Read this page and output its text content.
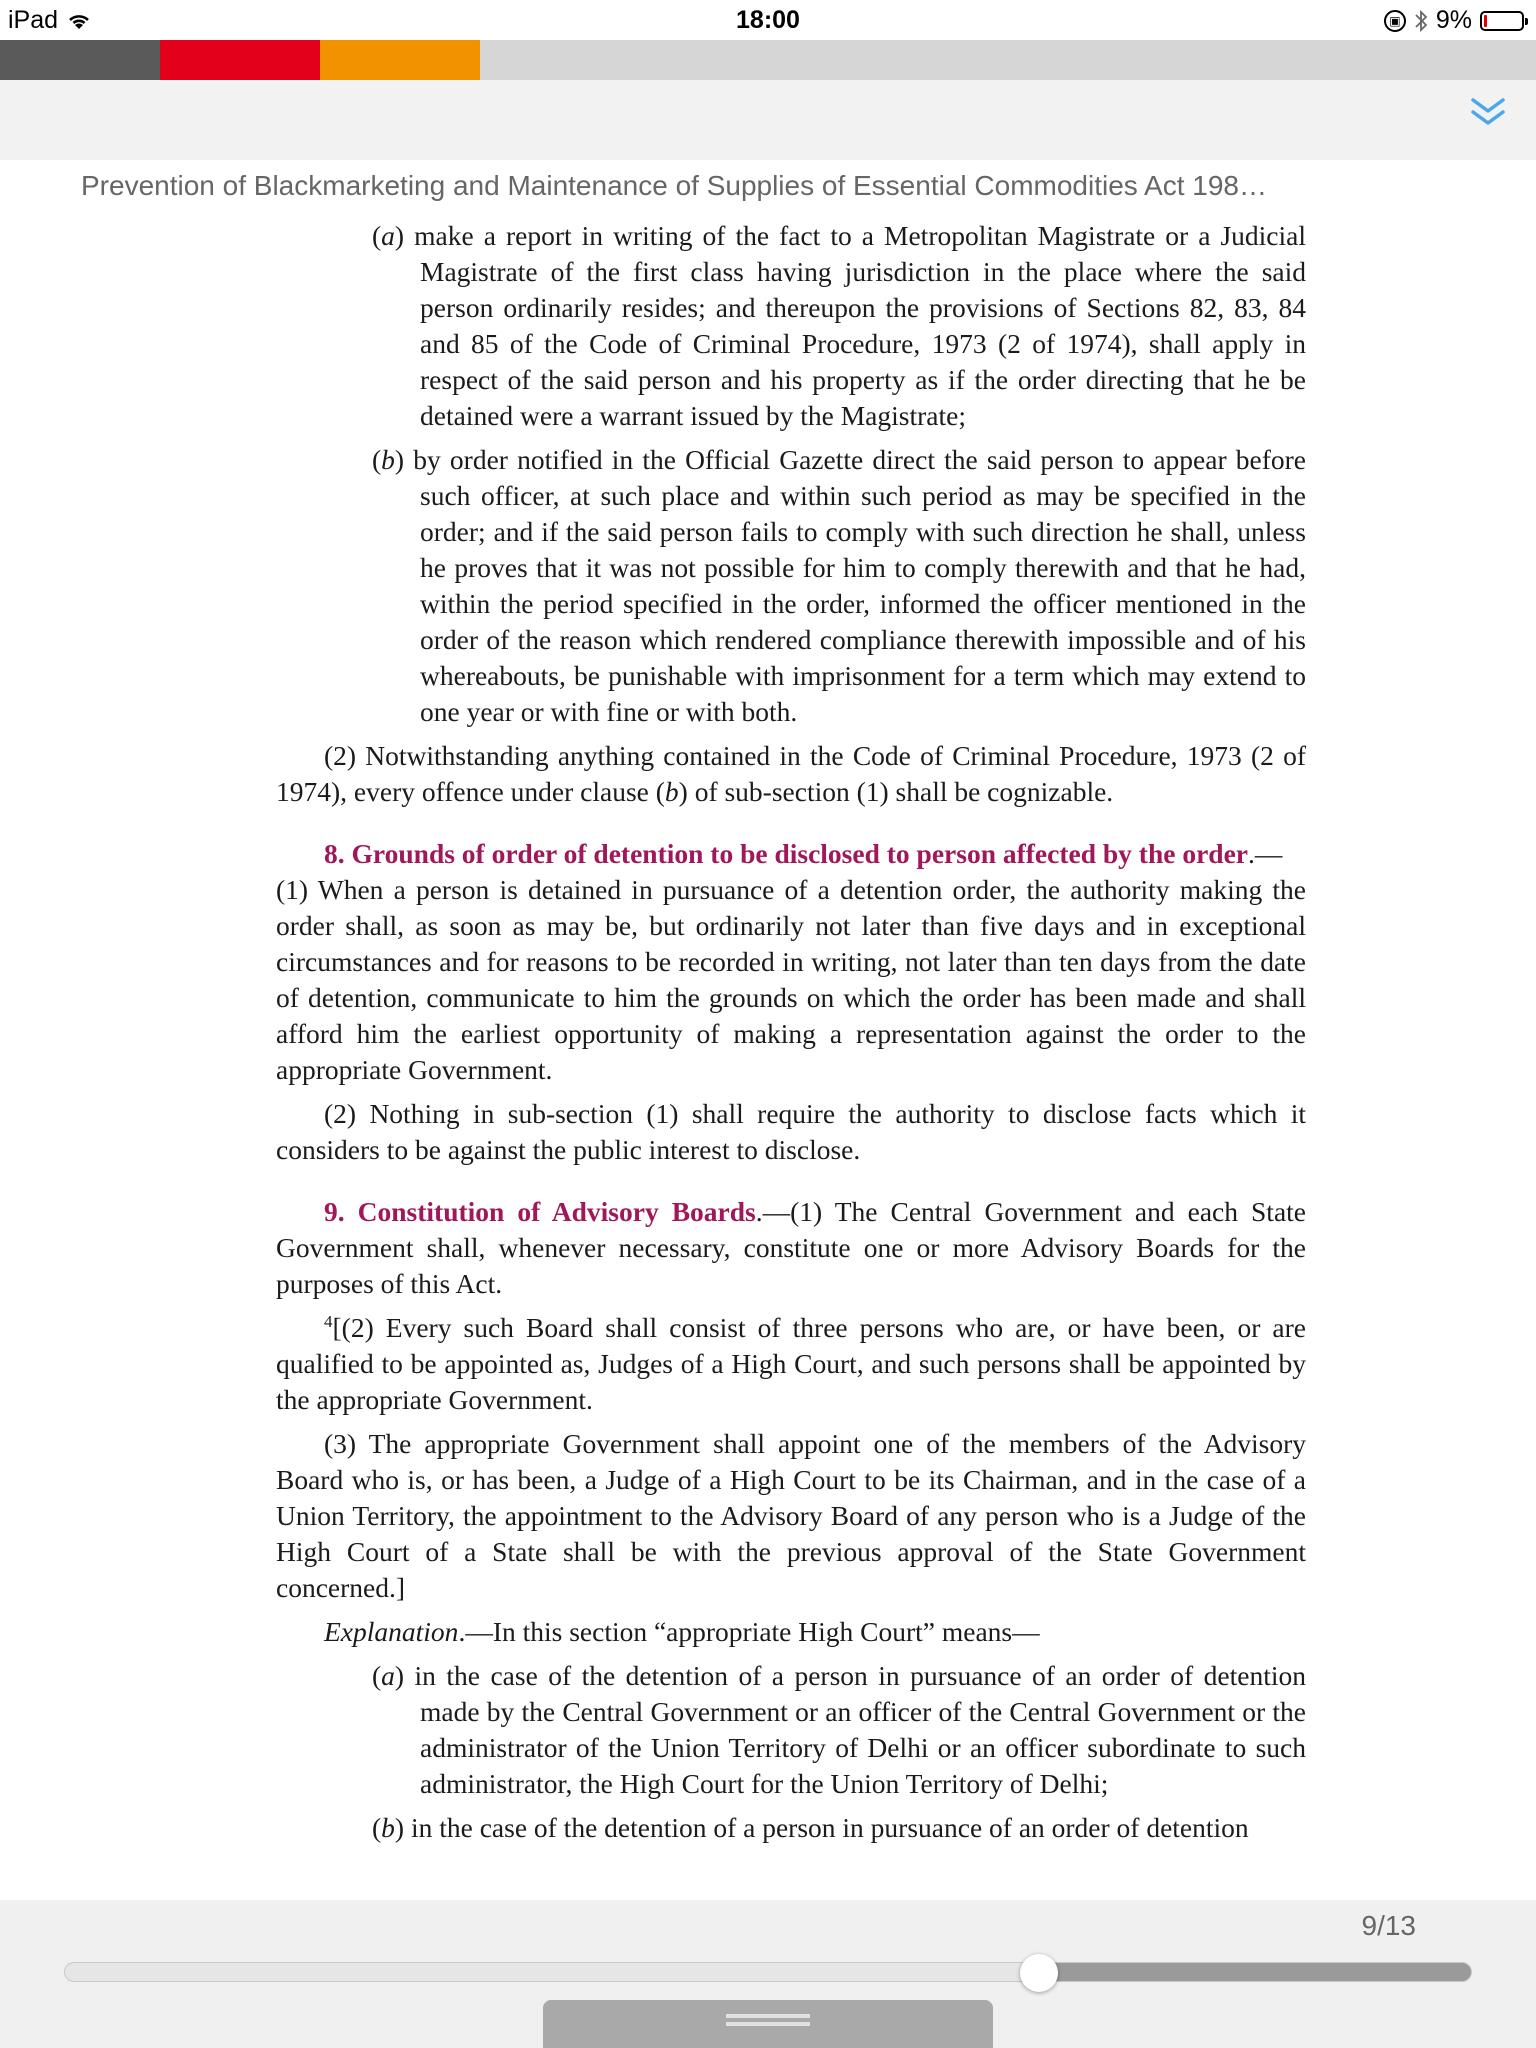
iPad	18:00	▣ 9%
Prevention of Blackmarketing and Maintenance of Supplies of Essential Commodities Act 198…

(a) make a report in writing of the fact to a Metropolitan Magistrate or a Judicial Magistrate of the first class having jurisdiction in the place where the said person ordinarily resides; and thereupon the provisions of Sections 82, 83, 84 and 85 of the Code of Criminal Procedure, 1973 (2 of 1974), shall apply in respect of the said person and his property as if the order directing that he be detained were a warrant issued by the Magistrate;

(b) by order notified in the Official Gazette direct the said person to appear before such officer, at such place and within such period as may be specified in the order; and if the said person fails to comply with such direction he shall, unless he proves that it was not possible for him to comply therewith and that he had, within the period specified in the order, informed the officer mentioned in the order of the reason which rendered compliance therewith impossible and of his whereabouts, be punishable with imprisonment for a term which may extend to one year or with fine or with both.

(2) Notwithstanding anything contained in the Code of Criminal Procedure, 1973 (2 of 1974), every offence under clause (b) of sub-section (1) shall be cognizable.

8. Grounds of order of detention to be disclosed to person affected by the order.—
(1) When a person is detained in pursuance of a detention order, the authority making the order shall, as soon as may be, but ordinarily not later than five days and in exceptional circumstances and for reasons to be recorded in writing, not later than ten days from the date of detention, communicate to him the grounds on which the order has been made and shall afford him the earliest opportunity of making a representation against the order to the appropriate Government.

(2) Nothing in sub-section (1) shall require the authority to disclose facts which it considers to be against the public interest to disclose.

9. Constitution of Advisory Boards.—(1) The Central Government and each State Government shall, whenever necessary, constitute one or more Advisory Boards for the purposes of this Act.

$^4$[(2) Every such Board shall consist of three persons who are, or have been, or are qualified to be appointed as, Judges of a High Court, and such persons shall be appointed by the appropriate Government.

(3) The appropriate Government shall appoint one of the members of the Advisory Board who is, or has been, a Judge of a High Court to be its Chairman, and in the case of a Union Territory, the appointment to the Advisory Board of any person who is a Judge of the High Court of a State shall be with the previous approval of the State Government concerned.]

Explanation.—In this section “appropriate High Court” means—

(a) in the case of the detention of a person in pursuance of an order of detention made by the Central Government or an officer of the Central Government or the administrator of the Union Territory of Delhi or an officer subordinate to such administrator, the High Court for the Union Territory of Delhi;

(b) in the case of the detention of a person in pursuance of an order of detention

9/13
